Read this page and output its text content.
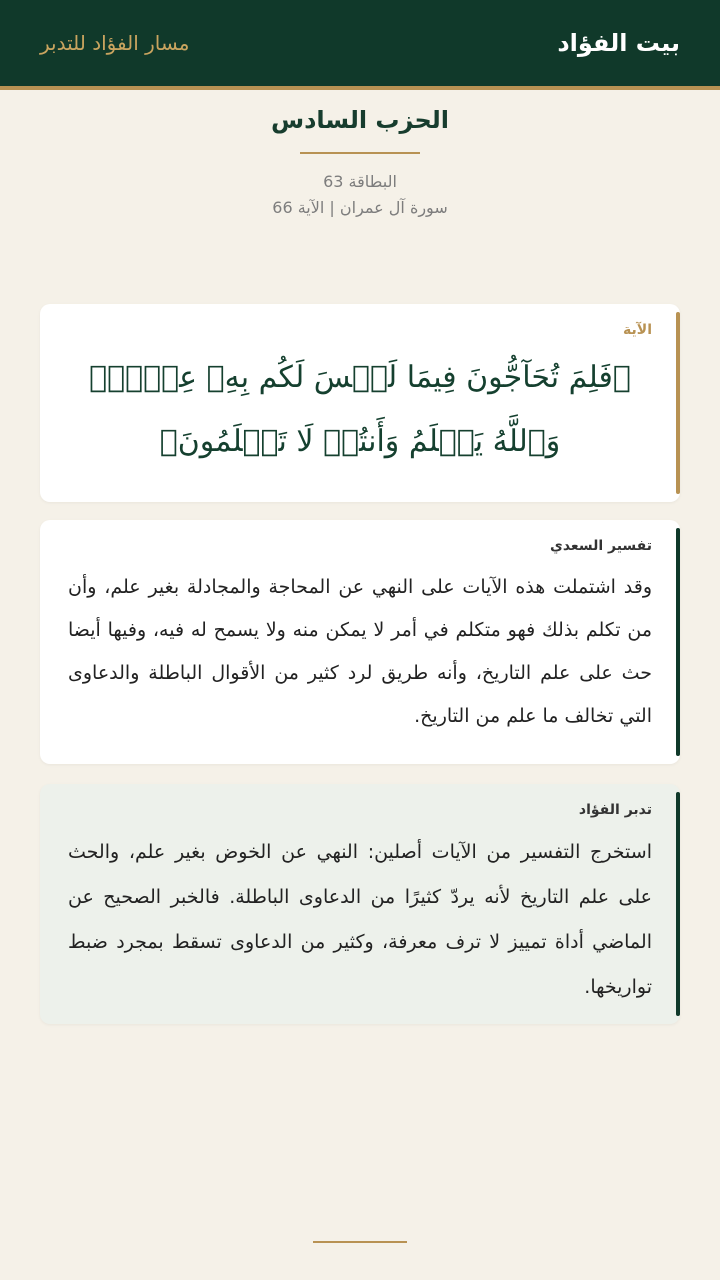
بيت الفؤاد
مسار الفؤاد للتدبر
الحزب السادس
البطاقة 63
سورة آل عمران | الآية 66
الآية
﴿فَلِمَ تُحَآجُّونَ فِيمَا لَيۡسَ لَكُم بِهِۦ عِلۡمٌۚ وَٱللَّهُ يَعۡلَمُ وَأَنتُمۡ لَا تَعۡلَمُونَ﴾
تفسير السعدي
وقد اشتملت هذه الآيات على النهي عن المحاجة والمجادلة بغير علم، وأن من تكلم بذلك فهو متكلم في أمر لا يمكن منه ولا يسمح له فيه، وفيها أيضا حث على علم التاريخ، وأنه طريق لرد كثير من الأقوال الباطلة والدعاوى التي تخالف ما علم من التاريخ.
تدبر الفؤاد
استخرج التفسير من الآيات أصلين: النهي عن الخوض بغير علم، والحث على علم التاريخ لأنه يردّ كثيرًا من الدعاوى الباطلة. فالخبر الصحيح عن الماضي أداة تمييز لا ترف معرفة، وكثير من الدعاوى تسقط بمجرد ضبط تواريخها.
